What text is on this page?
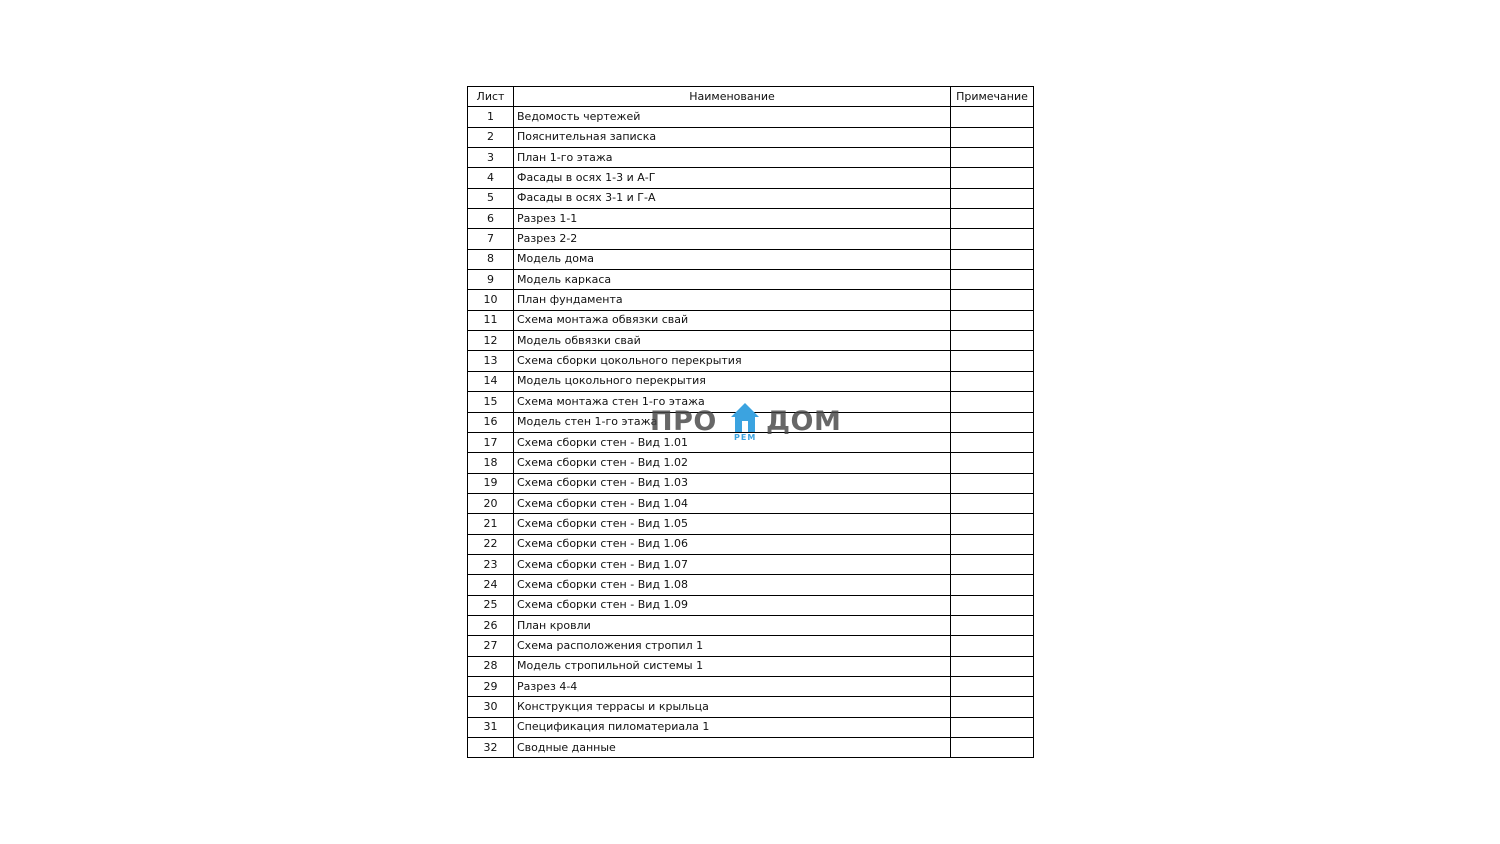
Лист	Наименование	Примечание
1	Ведомость чертежей	
2	Пояснительная записка	
3	План 1-го этажа	
4	Фасады в осях 1-3 и А-Г	
5	Фасады в осях 3-1 и Г-А	
6	Разрез 1-1	
7	Разрез 2-2	
8	Модель дома	
9	Модель каркаса	
10	План фундамента	
11	Схема монтажа обвязки свай	
12	Модель обвязки свай	
13	Схема сборки цокольного перекрытия	
14	Модель цокольного перекрытия	
15	Схема монтажа стен 1-го этажа	
16	Модель стен 1-го этажа	
17	Схема сборки стен - Вид 1.01	
18	Схема сборки стен - Вид 1.02	
19	Схема сборки стен - Вид 1.03	
20	Схема сборки стен - Вид 1.04	
21	Схема сборки стен - Вид 1.05	
22	Схема сборки стен - Вид 1.06	
23	Схема сборки стен - Вид 1.07	
24	Схема сборки стен - Вид 1.08	
25	Схема сборки стен - Вид 1.09	
26	План кровли	
27	Схема расположения стропил 1	
28	Модель стропильной системы 1	
29	Разрез 4-4	
30	Конструкция террасы и крыльца	
31	Спецификация пиломатериала 1	
32	Сводные данные	
ПРО ДОМ
РЕМ
